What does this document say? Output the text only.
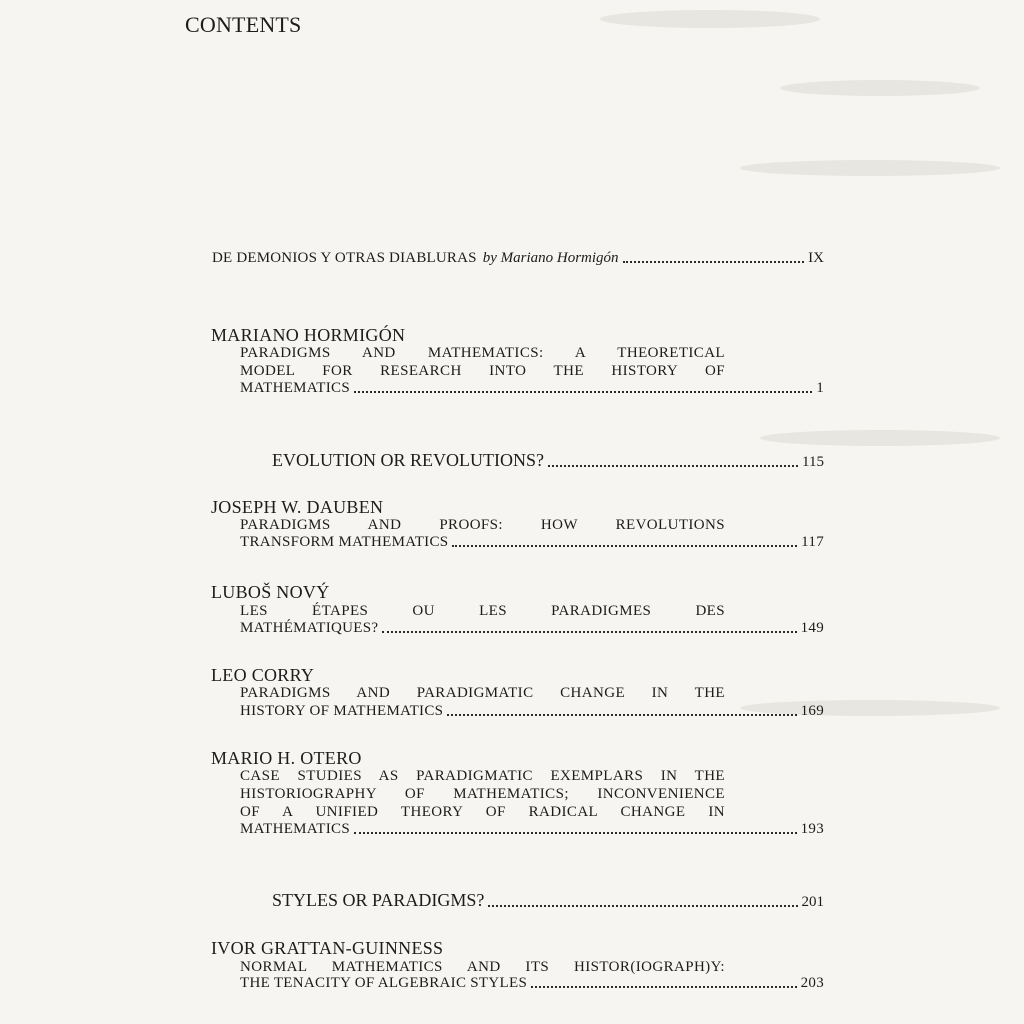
CONTENTS
DE DEMONIOS Y OTRAS DIABLURAS by Mariano Hormigón	IX
MARIANO HORMIGÓN
PARADIGMS AND MATHEMATICS: A THEORETICAL
MODEL FOR RESEARCH INTO THE HISTORY OF
MATHEMATICS	1
EVOLUTION OR REVOLUTIONS?	115
JOSEPH W. DAUBEN
PARADIGMS AND PROOFS: HOW REVOLUTIONS
TRANSFORM MATHEMATICS	117
LUBOŠ NOVÝ
LES ÉTAPES OU LES PARADIGMES DES
MATHÉMATIQUES?	149
LEO CORRY
PARADIGMS AND PARADIGMATIC CHANGE IN THE
HISTORY OF MATHEMATICS	169
MARIO H. OTERO
CASE STUDIES AS PARADIGMATIC EXEMPLARS IN THE
HISTORIOGRAPHY OF MATHEMATICS; INCONVENIENCE
OF A UNIFIED THEORY OF RADICAL CHANGE IN
MATHEMATICS	193
STYLES OR PARADIGMS?	201
IVOR GRATTAN-GUINNESS
NORMAL MATHEMATICS AND ITS HISTOR(IOGRAPH)Y:
THE TENACITY OF ALGEBRAIC STYLES	203
